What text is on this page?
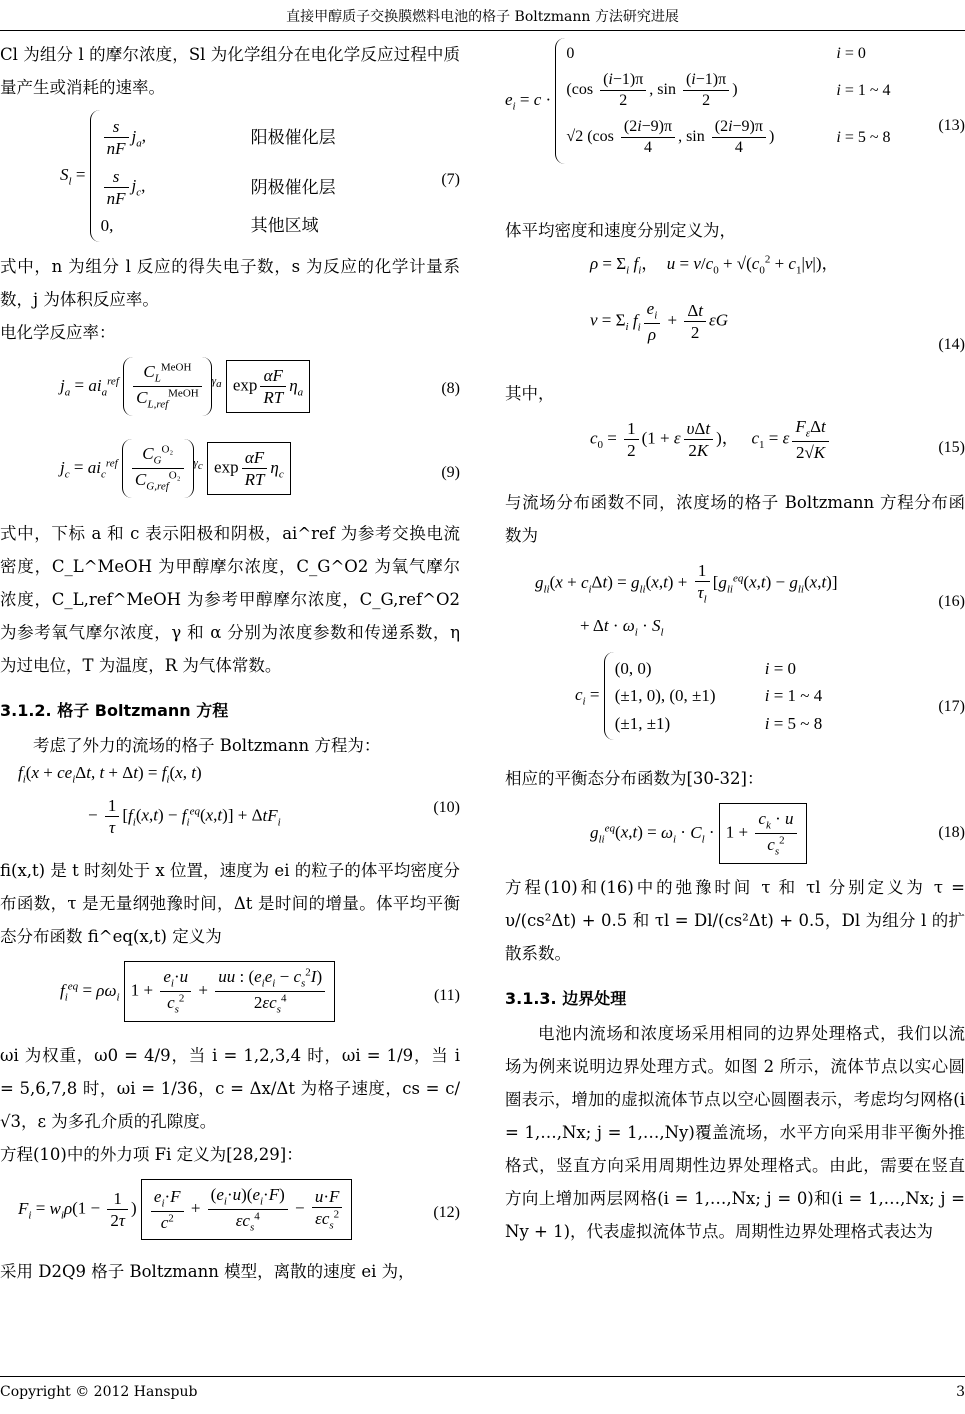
直接甲醇质子交换膜燃料电池的格子 Boltzmann 方法研究进展

Cl 为组分 l 的摩尔浓度，Sl 为化学组分在电化学反应过程中质量产生或消耗的速率。

$S_l$ =
$\frac{s}{nF} j_a$,	阳极催化层
$\frac{s}{nF} j_c$,	阴极催化层
0,	其他区域
(7)

式中，n 为组分 l 反应的得失电子数，s 为反应的化学计量系数，j 为体积反应率。

电化学反应率：

$j_a = ai_a^{ref} \frac{C_L^{MeOH}}{C_{L,ref}^{MeOH}} ^{\gamma_a}$ $\exp \frac{\alpha F}{RT} \eta_a$	(8)
$j_c = ai_c^{ref} \frac{C_G^{O_2}}{C_{G,ref}^{O_2}} ^{\gamma_c}$ $\exp \frac{\alpha F}{RT} \eta_c$	(9)

式中，下标 a 和 c 表示阳极和阴极，ai^ref 为参考交换电流密度，C_L^MeOH 为甲醇摩尔浓度，C_G^O2 为氧气摩尔浓度，C_L,ref^MeOH 为参考甲醇摩尔浓度，C_G,ref^O2 为参考氧气摩尔浓度，γ 和 α 分别为浓度参数和传递系数，η 为过电位，T 为温度，R 为气体常数。

3.1.2. 格子 Boltzmann 方程

考虑了外力的流场的格子 Boltzmann 方程为：

$f_i(x + ce_i\Delta t$, $t + \Delta t) = f_i(x$, t)
− $\frac{1}{\tau} [f_i(x,t) - f_i^{eq}(x,t)] + \Delta tF_i$
(10)

fi(x,t) 是 t 时刻处于 x 位置，速度为 ei 的粒子的体平均密度分布函数，τ 是无量纲弛豫时间，Δt 是时间的增量。体平均平衡态分布函数 fi^eq(x,t) 定义为

$f_i^{eq} = \rho\omega_i$ $1 + \frac{e_i\cdot u}{c_s^2} + \frac{uu : (e_ie_i - c_s^2I)}{2\varepsilon c_s^4}$	(11)

ωi 为权重，ω0 = 4/9，当 i = 1,2,3,4 时，ωi = 1/9，当 i = 5,6,7,8 时，ωi = 1/36，c = Δx/Δt 为格子速度，cs = c/√3，ε 为多孔介质的孔隙度。

方程(10)中的外力项 Fi 定义为[28,29]：

$F_i = w_i\rho(1 - \frac{1}{2\tau}$ ) $\frac{e_i\cdot F}{c^2} + \frac{(e_i\cdot u)(e_i\cdot F)}{\varepsilon c_s^4} - \frac{u\cdot F}{\varepsilon c_s^2}$	(12)

采用 D2Q9 格子 Boltzmann 模型，离散的速度 ei 为，

$e_i = c$ ·
0	i = 0
($\cos \frac{(i-1)\pi}{2}$ , $\sin \frac{(i-1)\pi}{2}$ )	i = 1 ~ 4
√2 ($\cos \frac{(2i-9)\pi}{4}$ , $\sin \frac{(2i-9)\pi}{4}$ )	i = 5 ~ 8
(13)

体平均密度和速度分别定义为，

$\rho = \Sigma_i$ $f_i$，  $u = v/c_0 + √(c_0^2 + c_1|v|)$，
$v = \Sigma_i$ $f_i \frac{e_i}{\rho} + \frac{\Delta t}{2}$ εG
(14)

其中，

$c_0 = \frac{1}{2} (1 + \varepsilon \frac{\text{υΔt}}{2K}$ )，   $c_1 = \varepsilon \frac{F_\varepsilon\Delta t}{2√K}$	(15)

与流场分布函数不同，浓度场的格子 Boltzmann 方程分布函数为

$g_{li}(x + c_i\Delta t) = g_{li}(x,t) + \frac{1}{\tau_l} [g_{li}^{eq}(x,t) - g_{li}(x,t)]$
+ $\Delta t \cdot \omega_i \cdot S_l$
(16)
$c_i$ =
(0, 0)	i = 0
(±1, 0), (0, ±1)	i = 1 ~ 4
(±1, ±1)	i = 5 ~ 8
(17)

相应的平衡态分布函数为[30-32]：

$g_{li}^{eq}(x,t) = \omega_i \cdot C_l \cdot 1 + \frac{c_k \cdot u}{c_s^2}$	(18)

方程(10)和(16)中的弛豫时间 τ 和 τl 分别定义为 τ = υ/(cs²Δt) + 0.5 和 τl = Dl/(cs²Δt) + 0.5，Dl 为组分 l 的扩散系数。

3.1.3. 边界处理

电池内流场和浓度场采用相同的边界处理格式，我们以流场为例来说明边界处理方式。如图 2 所示，流体节点以实心圆圈表示，增加的虚拟流体节点以空心圆圈表示，考虑均匀网格(i = 1,…,Nx; j = 1,…,Ny)覆盖流场，水平方向采用非平衡外推格式，竖直方向采用周期性边界处理格式。由此，需要在竖直方向上增加两层网格(i = 1,…,Nx; j = 0)和(i = 1,…,Nx; j = Ny + 1)，代表虚拟流体节点。周期性边界处理格式表达为

Copyright © 2012 Hanspub	3
